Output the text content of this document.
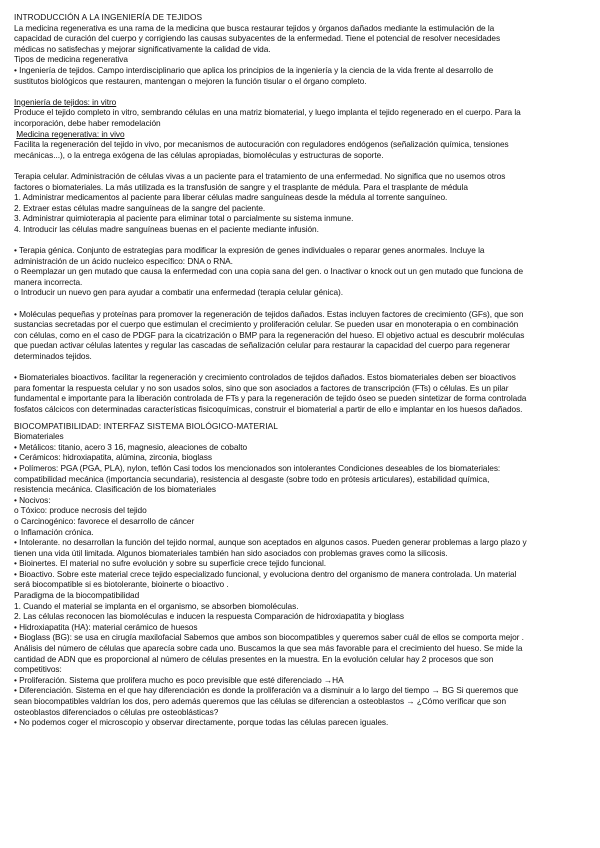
INTRODUCCIÓN A LA INGENIERÍA DE TEJIDOS
La medicina regenerativa es una rama de la medicina que busca restaurar tejidos y órganos dañados mediante la estimulación de la
capacidad de curación del cuerpo y corrigiendo las causas subyacentes de la enfermedad. Tiene el potencial de resolver necesidades
médicas no satisfechas y mejorar significativamente la calidad de vida.
Tipos de medicina regenerativa
• Ingeniería de tejidos. Campo interdisciplinario que aplica los principios de la ingeniería y la ciencia de la vida frente al desarrollo de
sustitutos biológicos que restauren, mantengan o mejoren la función tisular o el órgano completo.
Ingeniería de tejidos: in vitro
Produce el tejido completo in vitro, sembrando células en una matriz biomaterial, y luego implanta el tejido regenerado en el cuerpo. Para la
incorporación, debe haber remodelación
Medicina regenerativa: in vivo
Facilita la regeneración del tejido in vivo, por mecanismos de autocuración con reguladores endógenos (señalización química, tensiones
mecánicas...), o la entrega exógena de las células apropiadas, biomoléculas y estructuras de soporte.
Terapia celular. Administración de células vivas a un paciente para el tratamiento de una enfermedad. No significa que no usemos otros
factores o biomateriales. La más utilizada es la transfusión de sangre y el trasplante de médula. Para el trasplante de médula
1. Administrar medicamentos al paciente para liberar células madre sanguíneas desde la médula al torrente sanguíneo.
2. Extraer estas células madre sanguíneas de la sangre del paciente.
3. Administrar quimioterapia al paciente para eliminar total o parcialmente su sistema inmune.
4. Introducir las células madre sanguíneas buenas en el paciente mediante infusión.
• Terapia génica. Conjunto de estrategias para modificar la expresión de genes individuales o reparar genes anormales. Incluye la
administración de un ácido nucleico específico: DNA o RNA.
o Reemplazar un gen mutado que causa la enfermedad con una copia sana del gen. o Inactivar o knock out un gen mutado que funciona de
manera incorrecta.
o Introducir un nuevo gen para ayudar a combatir una enfermedad (terapia celular génica).
• Moléculas pequeñas y proteínas para promover la regeneración de tejidos dañados. Estas incluyen factores de crecimiento (GFs), que son
sustancias secretadas por el cuerpo que estimulan el crecimiento y proliferación celular. Se pueden usar en monoterapia o en combinación
con células, como en el caso de PDGF para la cicatrización o BMP para la regeneración del hueso. El objetivo actual es descubrir moléculas
que puedan activar células latentes y regular las cascadas de señalización celular para restaurar la capacidad del cuerpo para regenerar
determinados tejidos.
• Biomateriales bioactivos. facilitar la regeneración y crecimiento controlados de tejidos dañados. Estos biomateriales deben ser bioactivos
para fomentar la respuesta celular y no son usados solos, sino que son asociados a factores de transcripción (FTs) o células. Es un pilar
fundamental e importante para la liberación controlada de FTs y para la regeneración de tejido óseo se pueden sintetizar de forma controlada
fosfatos cálcicos con determinadas características fisicoquímicas, construir el biomaterial a partir de ello e implantar en los huesos dañados.
BIOCOMPATIBILIDAD: INTERFAZ SISTEMA BIOLÓGICO-MATERIAL
Biomateriales
• Metálicos: titanio, acero 3 16, magnesio, aleaciones de cobalto
• Cerámicos: hidroxiapatita, alúmina, zirconia, bioglass
• Polímeros: PGA (PGA, PLA), nylon, teflón Casi todos los mencionados son intolerantes Condiciones deseables de los biomateriales:
compatibilidad mecánica (importancia secundaria), resistencia al desgaste (sobre todo en prótesis articulares), estabilidad química,
resistencia mecánica. Clasificación de los biomateriales
• Nocivos:
o Tóxico: produce necrosis del tejido
o Carcinogénico: favorece el desarrollo de cáncer
o Inflamación crónica.
• Intolerante. no desarrollan la función del tejido normal, aunque son aceptados en algunos casos. Pueden generar problemas a largo plazo y
tienen una vida útil limitada. Algunos biomateriales también han sido asociados con problemas graves como la silicosis.
• Bioinertes. El material no sufre evolución y sobre su superficie crece tejido funcional.
• Bioactivo. Sobre este material crece tejido especializado funcional, y evoluciona dentro del organismo de manera controlada. Un material
será biocompatible si es biotolerante, bioinerte o bioactivo .
Paradigma de la biocompatibilidad
1. Cuando el material se implanta en el organismo, se absorben biomoléculas.
2. Las células reconocen las biomoléculas e inducen la respuesta Comparación de hidroxiapatita y bioglass
• Hidroxiapatita (HA): material cerámico de huesos
• Bioglass (BG): se usa en cirugía maxilofacial Sabemos que ambos son biocompatibles y queremos saber cuál de ellos se comporta mejor .
Análisis del número de células que aparecía sobre cada uno. Buscamos la que sea más favorable para el crecimiento del hueso. Se mide la
cantidad de ADN que es proporcional al número de células presentes en la muestra. En la evolución celular hay 2 procesos que son
competitivos:
• Proliferación. Sistema que prolifera mucho es poco previsible que esté diferenciado →HA
• Diferenciación. Sistema en el que hay diferenciación es donde la proliferación va a disminuir a lo largo del tiempo → BG Si queremos que
sean biocompatibles valdrían los dos, pero además queremos que las células se diferencian a osteoblastos → ¿Cómo verificar que son
osteoblastos diferenciados o células pre osteoblásticas?
• No podemos coger el microscopio y observar directamente, porque todas las células parecen iguales.
